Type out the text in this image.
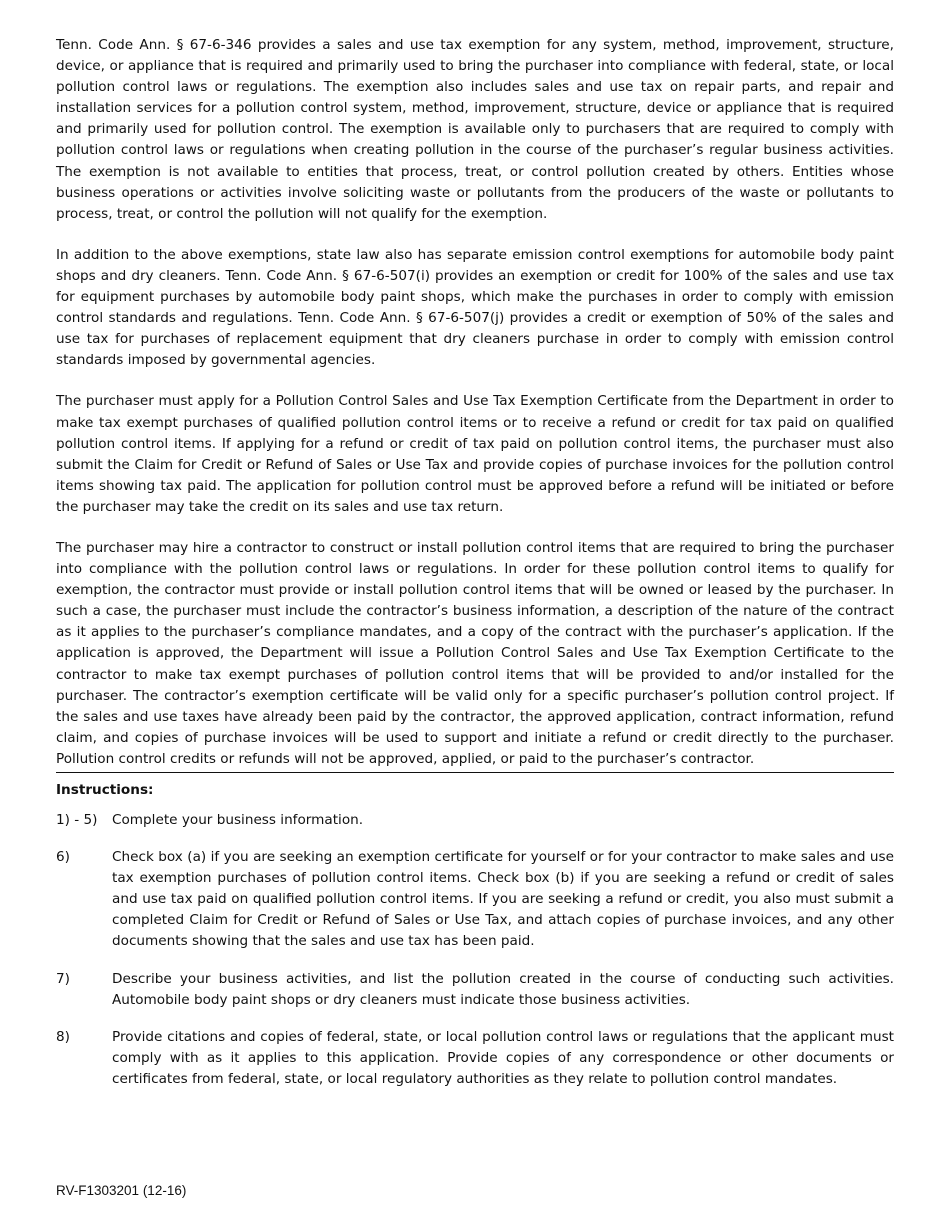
Tenn. Code Ann. § 67-6-346 provides a sales and use tax exemption for any system, method, improvement, structure, device, or appliance that is required and primarily used to bring the purchaser into compliance with federal, state, or local pollution control laws or regulations. The exemption also includes sales and use tax on repair parts, and repair and installation services for a pollution control system, method, improvement, structure, device or appliance that is required and primarily used for pollution control. The exemption is available only to purchasers that are required to comply with pollution control laws or regulations when creating pollution in the course of the purchaser’s regular business activities. The exemption is not available to entities that process, treat, or control pollution created by others. Entities whose business operations or activities involve soliciting waste or pollutants from the producers of the waste or pollutants to process, treat, or control the pollution will not qualify for the exemption.

In addition to the above exemptions, state law also has separate emission control exemptions for automobile body paint shops and dry cleaners. Tenn. Code Ann. § 67-6-507(i) provides an exemption or credit for 100% of the sales and use tax for equipment purchases by automobile body paint shops, which make the purchases in order to comply with emission control standards and regulations. Tenn. Code Ann. § 67-6-507(j) provides a credit or exemption of 50% of the sales and use tax for purchases of replacement equipment that dry cleaners purchase in order to comply with emission control standards imposed by governmental agencies.

The purchaser must apply for a Pollution Control Sales and Use Tax Exemption Certificate from the Department in order to make tax exempt purchases of qualified pollution control items or to receive a refund or credit for tax paid on qualified pollution control items. If applying for a refund or credit of tax paid on pollution control items, the purchaser must also submit the Claim for Credit or Refund of Sales or Use Tax and provide copies of purchase invoices for the pollution control items showing tax paid. The application for pollution control must be approved before a refund will be initiated or before the purchaser may take the credit on its sales and use tax return.

The purchaser may hire a contractor to construct or install pollution control items that are required to bring the purchaser into compliance with the pollution control laws or regulations. In order for these pollution control items to qualify for exemption, the contractor must provide or install pollution control items that will be owned or leased by the purchaser. In such a case, the purchaser must include the contractor’s business information, a description of the nature of the contract as it applies to the purchaser’s compliance mandates, and a copy of the contract with the purchaser’s application. If the application is approved, the Department will issue a Pollution Control Sales and Use Tax Exemption Certificate to the contractor to make tax exempt purchases of pollution control items that will be provided to and/or installed for the purchaser. The contractor’s exemption certificate will be valid only for a specific purchaser’s pollution control project. If the sales and use taxes have already been paid by the contractor, the approved application, contract information, refund claim, and copies of purchase invoices will be used to support and initiate a refund or credit directly to the purchaser. Pollution control credits or refunds will not be approved, applied, or paid to the purchaser’s contractor.

Instructions:
1) - 5)	Complete your business information.
6)	Check box (a) if you are seeking an exemption certificate for yourself or for your contractor to make sales and use tax exemption purchases of pollution control items. Check box (b) if you are seeking a refund or credit of sales and use tax paid on qualified pollution control items. If you are seeking a refund or credit, you also must submit a completed Claim for Credit or Refund of Sales or Use Tax, and attach copies of purchase invoices, and any other documents showing that the sales and use tax has been paid.
7)	Describe your business activities, and list the pollution created in the course of conducting such activities. Automobile body paint shops or dry cleaners must indicate those business activities.
8)	Provide citations and copies of federal, state, or local pollution control laws or regulations that the applicant must comply with as it applies to this application. Provide copies of any correspondence or other documents or certificates from federal, state, or local regulatory authorities as they relate to pollution control mandates.
RV-F1303201 (12-16)
